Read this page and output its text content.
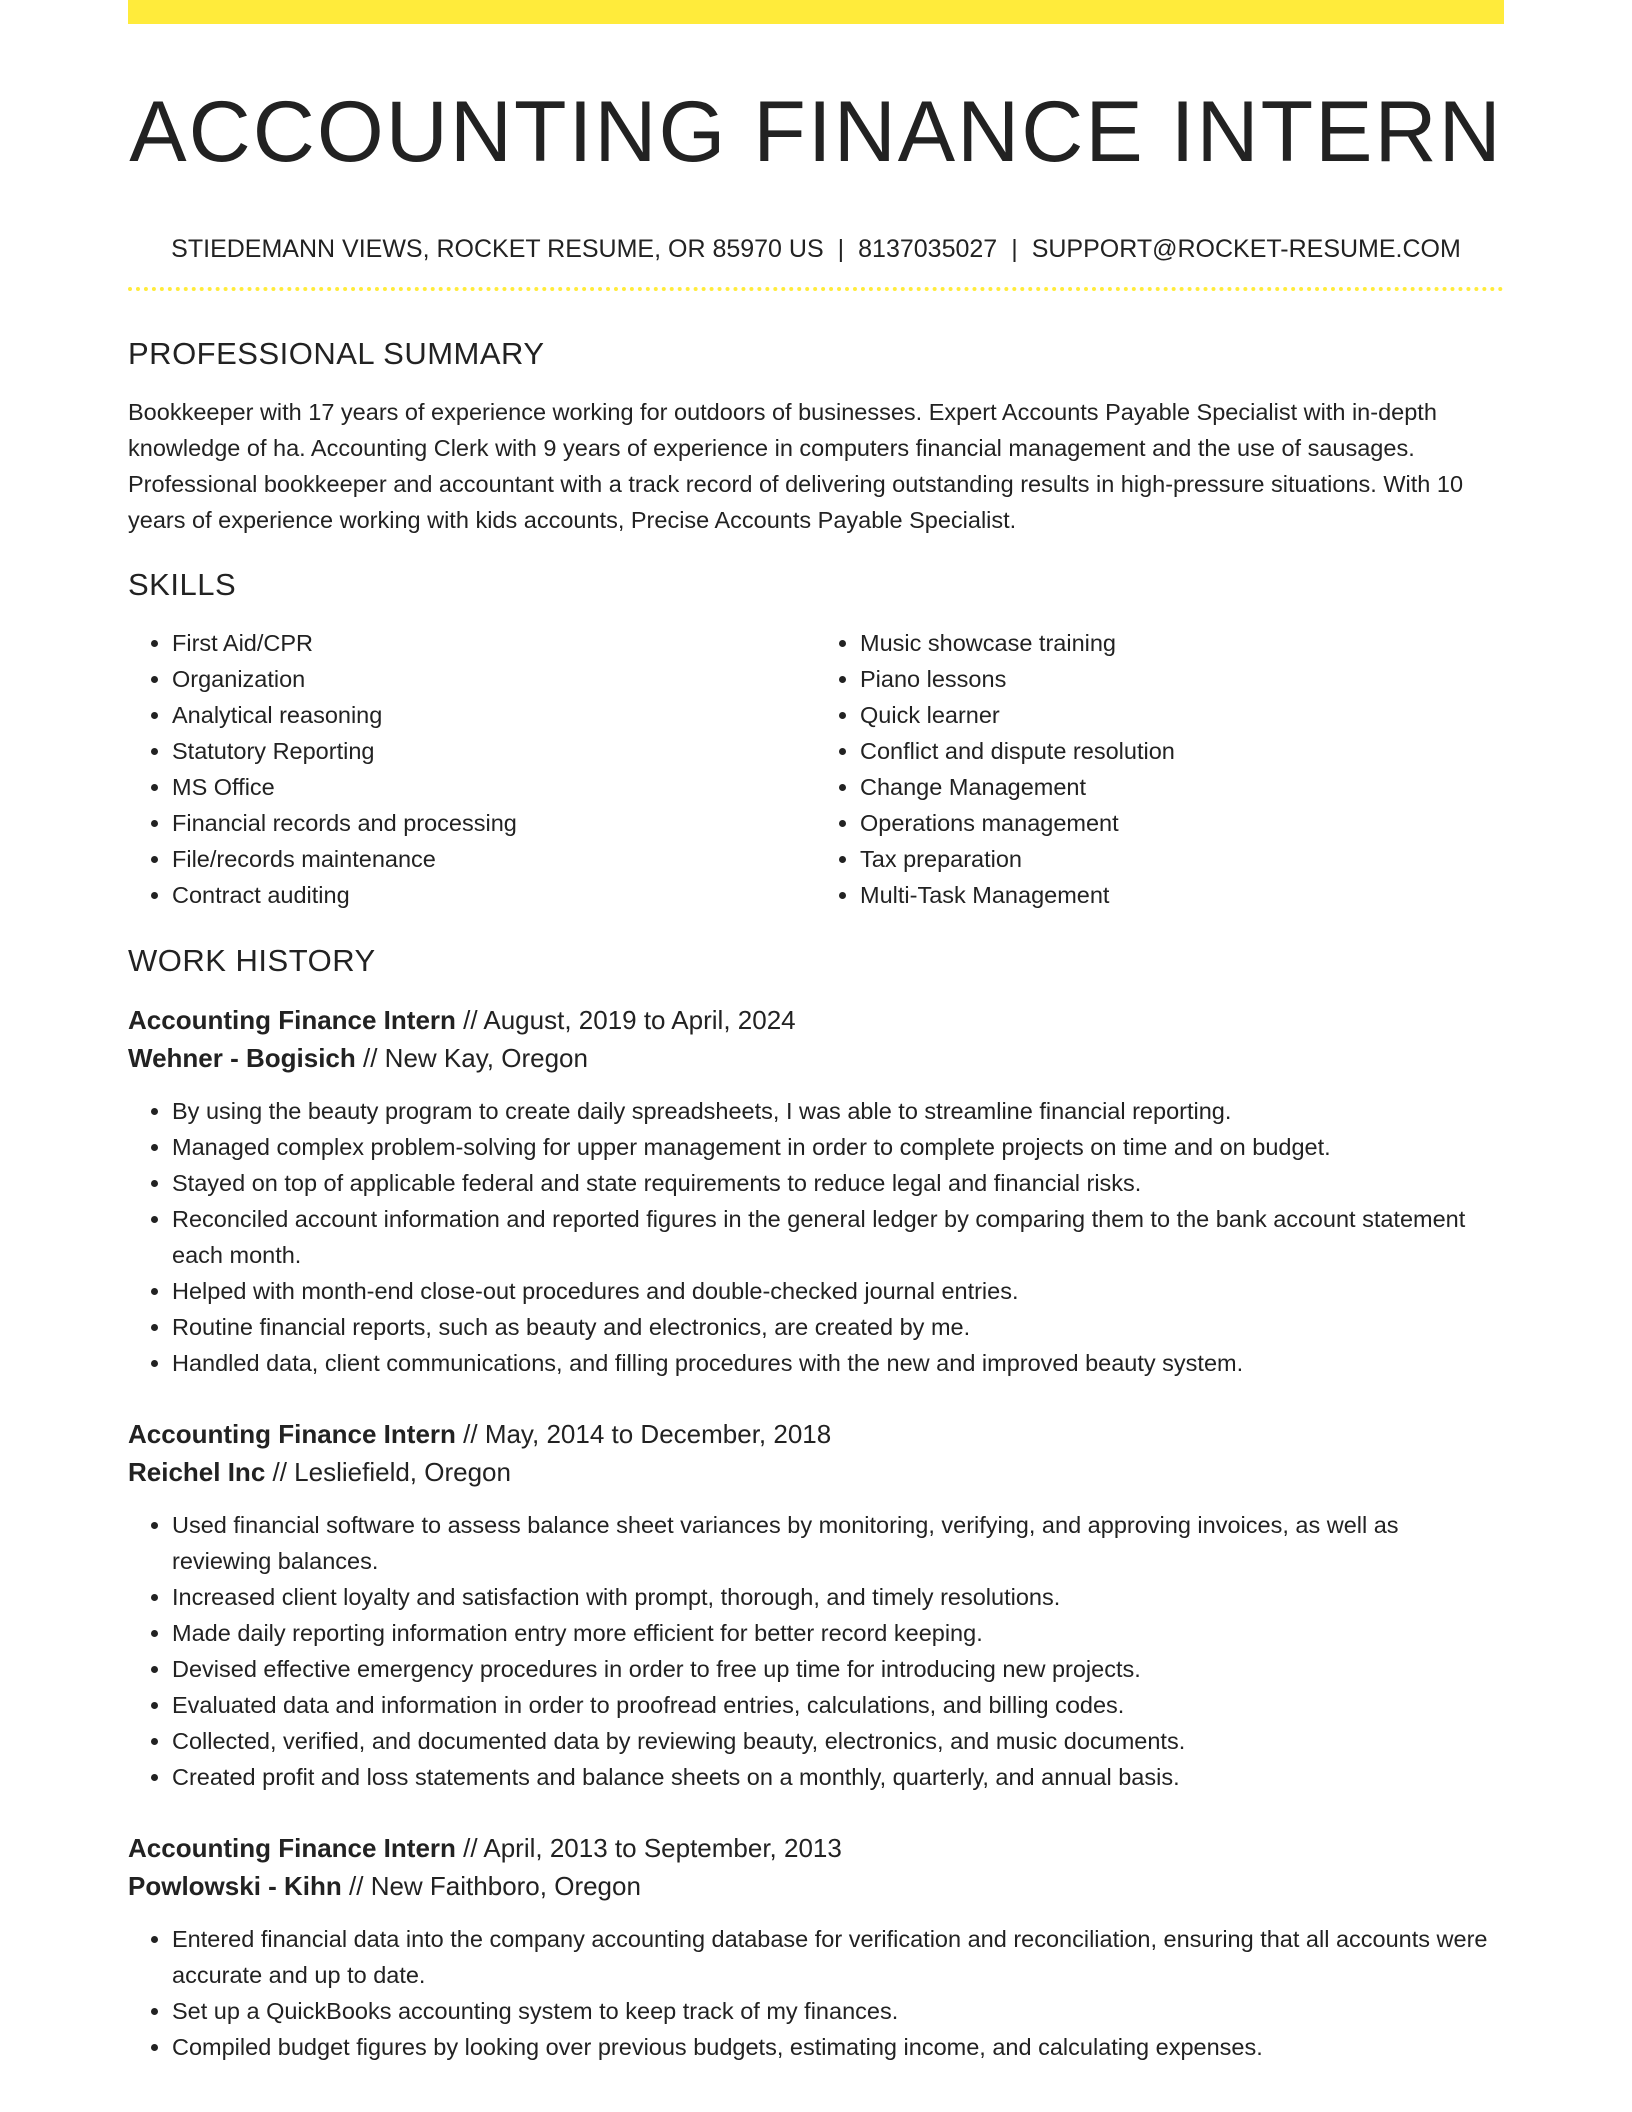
ACCOUNTING FINANCE INTERN
STIEDEMANN VIEWS, ROCKET RESUME, OR 85970 US | 8137035027 | SUPPORT@ROCKET-RESUME.COM
PROFESSIONAL SUMMARY
Bookkeeper with 17 years of experience working for outdoors of businesses. Expert Accounts Payable Specialist with in-depth knowledge of ha. Accounting Clerk with 9 years of experience in computers financial management and the use of sausages. Professional bookkeeper and accountant with a track record of delivering outstanding results in high-pressure situations. With 10 years of experience working with kids accounts, Precise Accounts Payable Specialist.
SKILLS
• First Aid/CPR
• Organization
• Analytical reasoning
• Statutory Reporting
• MS Office
• Financial records and processing
• File/records maintenance
• Contract auditing
• Music showcase training
• Piano lessons
• Quick learner
• Conflict and dispute resolution
• Change Management
• Operations management
• Tax preparation
• Multi-Task Management
WORK HISTORY
Accounting Finance Intern // August, 2019 to April, 2024
Wehner - Bogisich // New Kay, Oregon
• By using the beauty program to create daily spreadsheets, I was able to streamline financial reporting.
• Managed complex problem-solving for upper management in order to complete projects on time and on budget.
• Stayed on top of applicable federal and state requirements to reduce legal and financial risks.
• Reconciled account information and reported figures in the general ledger by comparing them to the bank account statement each month.
• Helped with month-end close-out procedures and double-checked journal entries.
• Routine financial reports, such as beauty and electronics, are created by me.
• Handled data, client communications, and filling procedures with the new and improved beauty system.
Accounting Finance Intern // May, 2014 to December, 2018
Reichel Inc // Lesliefield, Oregon
• Used financial software to assess balance sheet variances by monitoring, verifying, and approving invoices, as well as reviewing balances.
• Increased client loyalty and satisfaction with prompt, thorough, and timely resolutions.
• Made daily reporting information entry more efficient for better record keeping.
• Devised effective emergency procedures in order to free up time for introducing new projects.
• Evaluated data and information in order to proofread entries, calculations, and billing codes.
• Collected, verified, and documented data by reviewing beauty, electronics, and music documents.
• Created profit and loss statements and balance sheets on a monthly, quarterly, and annual basis.
Accounting Finance Intern // April, 2013 to September, 2013
Powlowski - Kihn // New Faithboro, Oregon
• Entered financial data into the company accounting database for verification and reconciliation, ensuring that all accounts were accurate and up to date.
• Set up a QuickBooks accounting system to keep track of my finances.
• Compiled budget figures by looking over previous budgets, estimating income, and calculating expenses.
